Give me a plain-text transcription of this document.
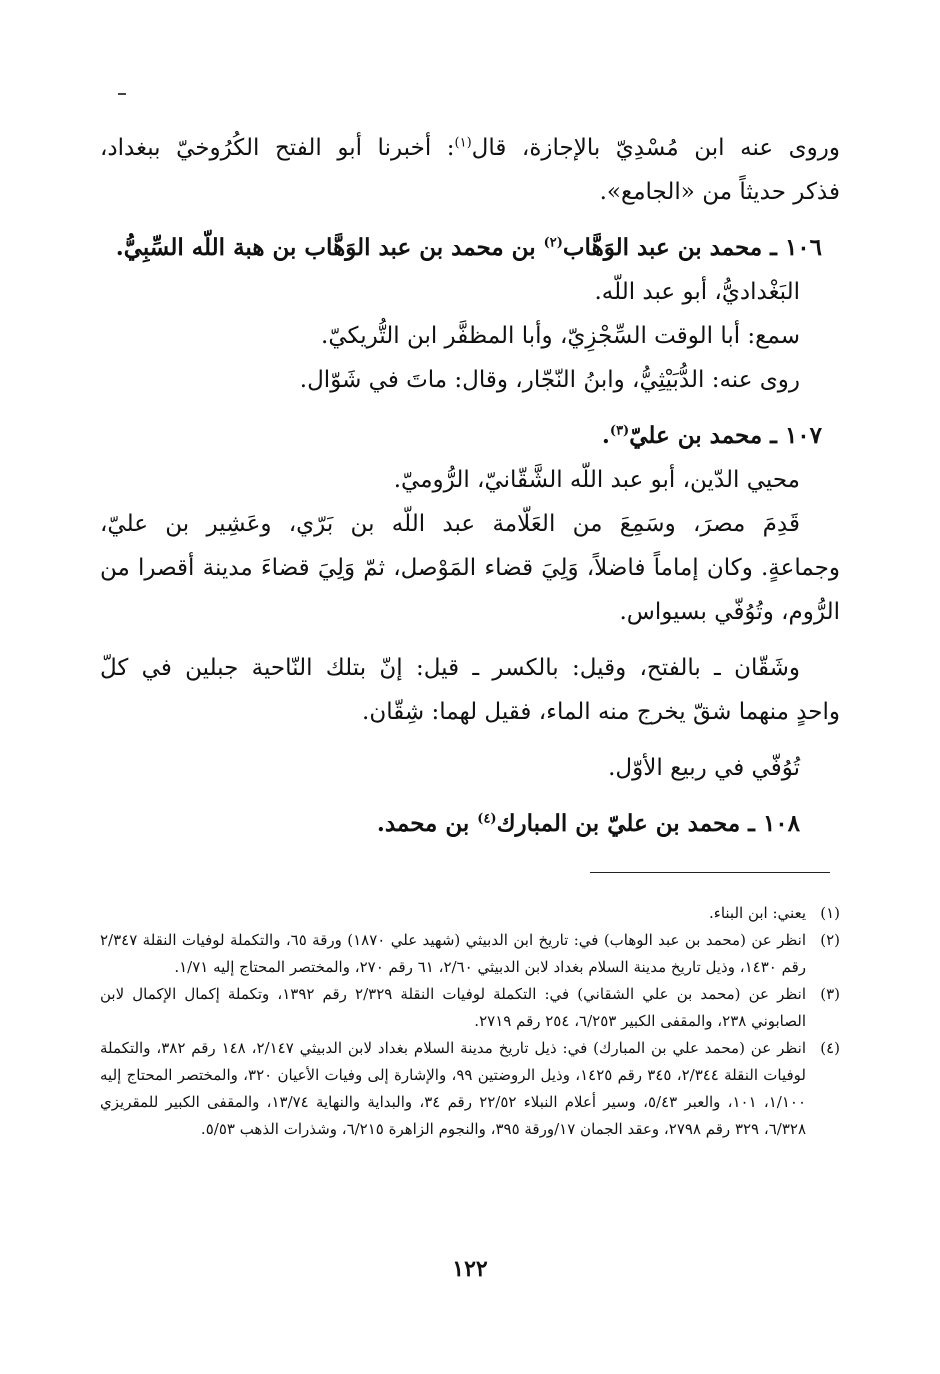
وروى عنه ابن مُسْدِيّ بالإجازة، قال$^{(١)}$: أخبرنا أبو الفتح الكُرُوخيّ ببغداد،
فذكر حديثاً من «الجامع».
١٠٦ ـ محمد بن عبد الوَهَّاب$^{(٢)}$ بن محمد بن عبد الوَهَّاب بن هبة اللّه السِّبِيُّ.
البَغْداديُّ، أبو عبد اللّه.
سمع: أبا الوقت السِّجْزِيّ، وأبا المظفَّر ابن التُّريكيّ.
روى عنه: الدُّبَيْثِيُّ، وابنُ النّجّار، وقال: ماتَ في شَوّال.
١٠٧ ـ محمد بن عليّ$^{(٣)}$.
محيي الدّين، أبو عبد اللّه الشَّقّانيّ، الرُّوميّ.
قَدِمَ مصرَ، وسَمِعَ من العَلّامة عبد اللّه بن بَرّي، وعَشِير بن عليّ،
وجماعةٍ. وكان إماماً فاضلاً، وَلِيَ قضاء المَوْصل، ثمّ وَلِيَ قضاءَ مدينة أقصرا من
الرُّوم، وتُوُفّي بسيواس.
وشَقّان ـ بالفتح، وقيل: بالكسر ـ قيل: إنّ بتلك النّاحية جبلين في كلّ
واحدٍ منهما شقّ يخرج منه الماء، فقيل لهما: شِقّان.
تُوُفّي في ربيع الأوّل.
١٠٨ ـ محمد بن عليّ بن المبارك$^{(٤)}$ بن محمد.
(١)
يعني: ابن البناء.
(٢)
انظر عن (محمد بن عبد الوهاب) في: تاريخ ابن الدبيثي (شهيد علي ١٨٧٠) ورقة ٦٥، والتكملة لوفيات النقلة ٢/٣٤٧ رقم ١٤٣٠، وذيل تاريخ مدينة السلام بغداد لابن الدبيثي ٢/٦٠، ٦١ رقم ٢٧٠، والمختصر المحتاج إليه ١/٧١.
(٣)
انظر عن (محمد بن علي الشقاني) في: التكملة لوفيات النقلة ٢/٣٢٩ رقم ١٣٩٢، وتكملة إكمال الإكمال لابن الصابوني ٢٣٨، والمقفى الكبير ٦/٢٥٣، ٢٥٤ رقم ٢٧١٩.
(٤)
انظر عن (محمد علي بن المبارك) في: ذيل تاريخ مدينة السلام بغداد لابن الدبيثي ٢/١٤٧، ١٤٨ رقم ٣٨٢، والتكملة لوفيات النقلة ٢/٣٤٤، ٣٤٥ رقم ١٤٢٥، وذيل الروضتين ٩٩، والإشارة إلى وفيات الأعيان ٣٢٠، والمختصر المحتاج إليه ١/١٠٠، ١٠١، والعبر ٥/٤٣، وسير أعلام النبلاء ٢٢/٥٢ رقم ٣٤، والبداية والنهاية ١٣/٧٤، والمقفى الكبير للمقريزي ٦/٣٢٨، ٣٢٩ رقم ٢٧٩٨، وعقد الجمان ١٧/ورقة ٣٩٥، والنجوم الزاهرة ٦/٢١٥، وشذرات الذهب ٥/٥٣.
١٢٢
